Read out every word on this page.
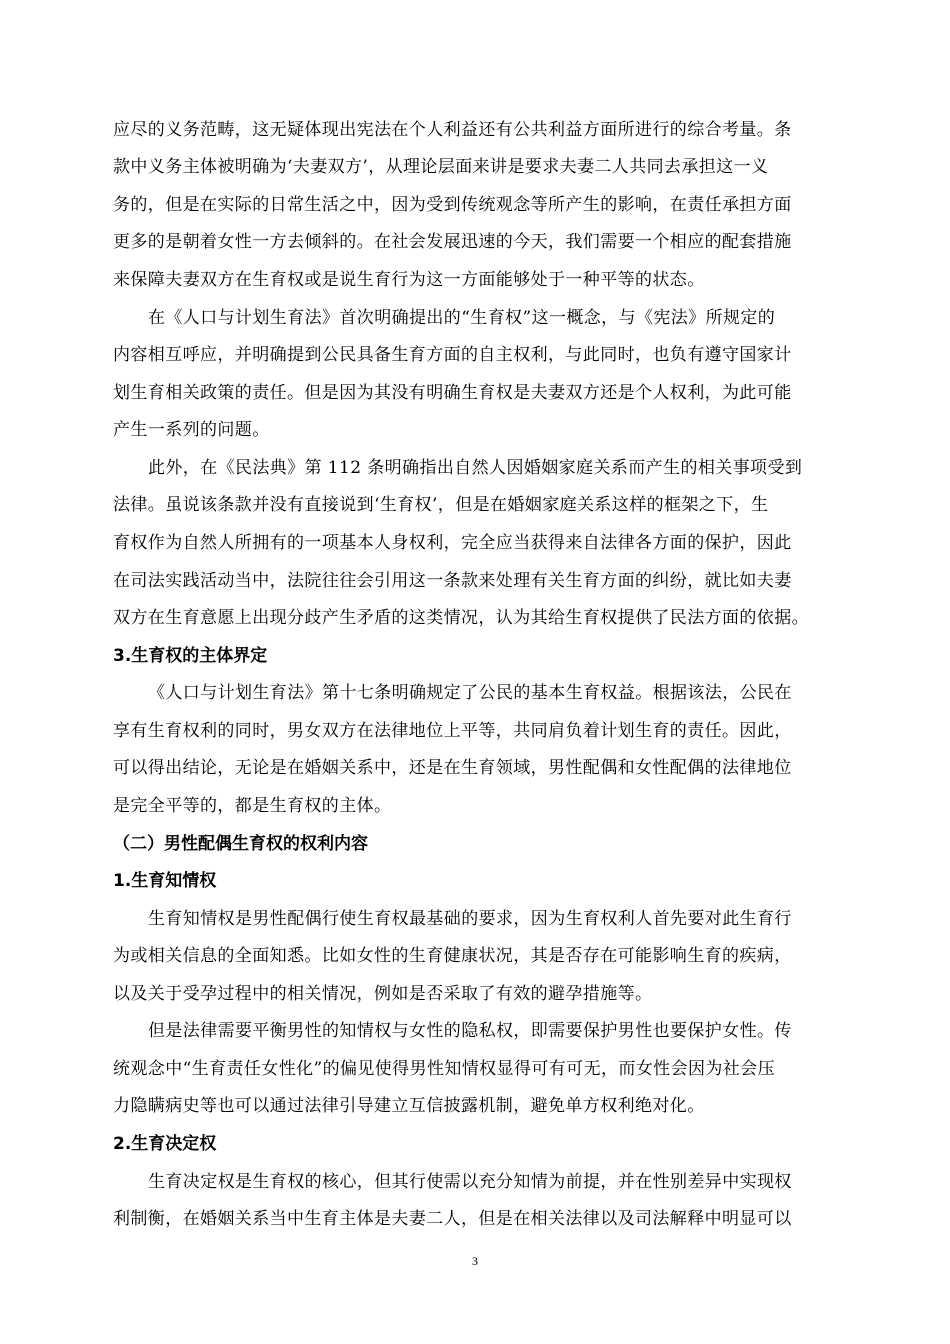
应尽的义务范畴，这无疑体现出宪法在个人利益还有公共利益方面所进行的综合考量。条
款中义务主体被明确为‘夫妻双方’，从理论层面来讲是要求夫妻二人共同去承担这一义
务的，但是在实际的日常生活之中，因为受到传统观念等所产生的影响，在责任承担方面
更多的是朝着女性一方去倾斜的。在社会发展迅速的今天，我们需要一个相应的配套措施
来保障夫妻双方在生育权或是说生育行为这一方面能够处于一种平等的状态。
在《人口与计划生育法》首次明确提出的“生育权”这一概念，与《宪法》所规定的
内容相互呼应，并明确提到公民具备生育方面的自主权利，与此同时，也负有遵守国家计
划生育相关政策的责任。但是因为其没有明确生育权是夫妻双方还是个人权利，为此可能
产生一系列的问题。
此外，在《民法典》第 112 条明确指出自然人因婚姻家庭关系而产生的相关事项受到
法律。虽说该条款并没有直接说到‘生育权’，但是在婚姻家庭关系这样的框架之下，生
育权作为自然人所拥有的一项基本人身权利，完全应当获得来自法律各方面的保护，因此
在司法实践活动当中，法院往往会引用这一条款来处理有关生育方面的纠纷，就比如夫妻
双方在生育意愿上出现分歧产生矛盾的这类情况，认为其给生育权提供了民法方面的依据。
3.生育权的主体界定
《人口与计划生育法》第十七条明确规定了公民的基本生育权益。根据该法，公民在
享有生育权利的同时，男女双方在法律地位上平等，共同肩负着计划生育的责任。因此，
可以得出结论，无论是在婚姻关系中，还是在生育领域，男性配偶和女性配偶的法律地位
是完全平等的，都是生育权的主体。
（二）男性配偶生育权的权利内容
1.生育知情权
生育知情权是男性配偶行使生育权最基础的要求，因为生育权利人首先要对此生育行
为或相关信息的全面知悉。比如女性的生育健康状况，其是否存在可能影响生育的疾病，
以及关于受孕过程中的相关情况，例如是否采取了有效的避孕措施等。
但是法律需要平衡男性的知情权与女性的隐私权，即需要保护男性也要保护女性。传
统观念中“生育责任女性化”的偏见使得男性知情权显得可有可无，而女性会因为社会压
力隐瞒病史等也可以通过法律引导建立互信披露机制，避免单方权利绝对化。
2.生育决定权
生育决定权是生育权的核心，但其行使需以充分知情为前提，并在性别差异中实现权
利制衡，在婚姻关系当中生育主体是夫妻二人，但是在相关法律以及司法解释中明显可以
3
